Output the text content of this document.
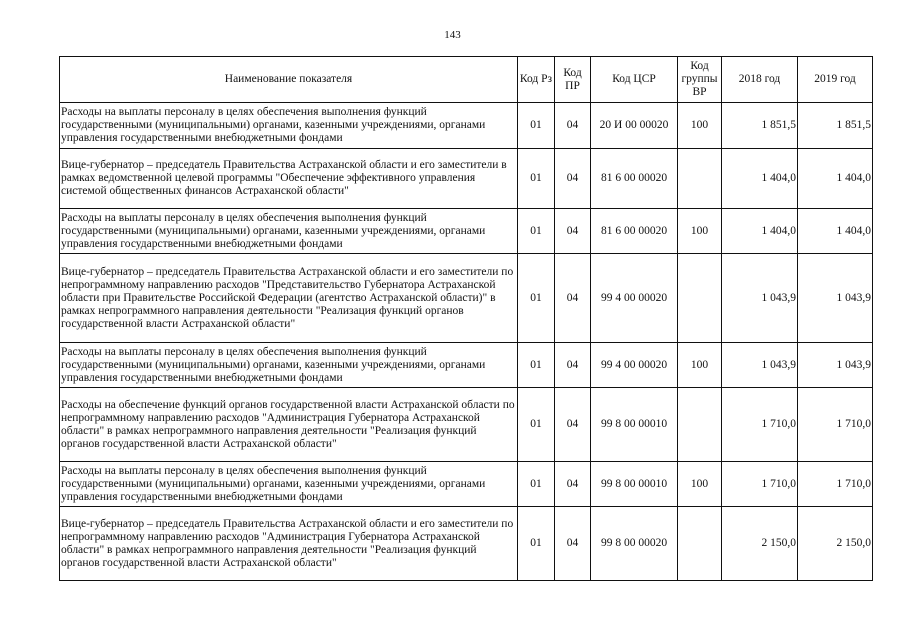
143
Наименование показателя	Код Рз	Код ПР	Код ЦСР	Код группы ВР	2018 год	2019 год
Расходы на выплаты персоналу в целях обеспечения выполнения функций государственными (муниципальными) органами, казенными учреждениями, органами управления государственными внебюджетными фондами	01	04	20 И 00 00020	100	1 851,5	1 851,5
Вице-губернатор – председатель Правительства Астраханской области и его заместители в рамках ведомственной целевой программы "Обеспечение эффективного управления системой общественных финансов Астраханской области"	01	04	81 6 00 00020		1 404,0	1 404,0
Расходы на выплаты персоналу в целях обеспечения выполнения функций государственными (муниципальными) органами, казенными учреждениями, органами управления государственными внебюджетными фондами	01	04	81 6 00 00020	100	1 404,0	1 404,0
Вице-губернатор – председатель Правительства Астраханской области и его заместители по непрограммному направлению расходов "Представительство Губернатора Астраханской области при Правительстве Российской Федерации (агентство Астраханской области)" в рамках непрограммного направления деятельности "Реализация функций органов государственной власти Астраханской области"	01	04	99 4 00 00020		1 043,9	1 043,9
Расходы на выплаты персоналу в целях обеспечения выполнения функций государственными (муниципальными) органами, казенными учреждениями, органами управления государственными внебюджетными фондами	01	04	99 4 00 00020	100	1 043,9	1 043,9
Расходы на обеспечение функций органов государственной власти Астраханской области по непрограммному направлению расходов "Администрация Губернатора Астраханской области" в рамках непрограммного направления деятельности "Реализация функций органов государственной власти Астраханской области"	01	04	99 8 00 00010		1 710,0	1 710,0
Расходы на выплаты персоналу в целях обеспечения выполнения функций государственными (муниципальными) органами, казенными учреждениями, органами управления государственными внебюджетными фондами	01	04	99 8 00 00010	100	1 710,0	1 710,0
Вице-губернатор – председатель Правительства Астраханской области и его заместители по непрограммному направлению расходов "Администрация Губернатора Астраханской области" в рамках непрограммного направления деятельности "Реализация функций органов государственной власти Астраханской области"	01	04	99 8 00 00020		2 150,0	2 150,0
